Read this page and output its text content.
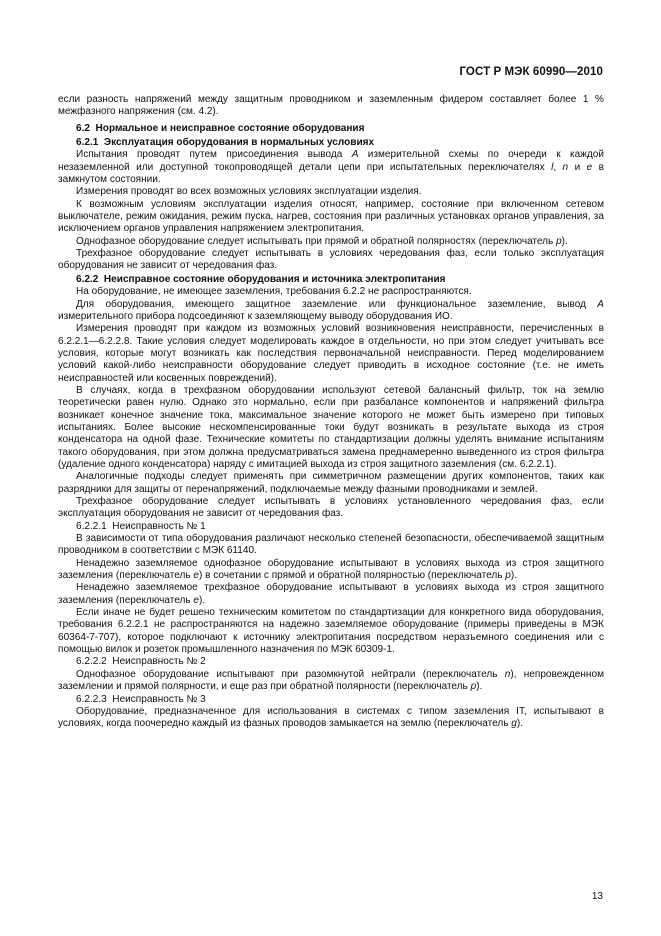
ГОСТ Р МЭК 60990—2010
если разность напряжений между защитным проводником и заземленным фидером составляет более 1 % межфазного напряжения (см. 4.2).
6.2  Нормальное и неисправное состояние оборудования
6.2.1  Эксплуатация оборудования в нормальных условиях
Испытания проводят путем присоединения вывода А измерительной схемы по очереди к каждой незаземленной или доступной токопроводящей детали цепи при испытательных переключателях l, n и е в замкнутом состоянии.
Измерения проводят во всех возможных условиях эксплуатации изделия.
К возможным условиям эксплуатации изделия относят, например, состояние при включенном сетевом выключателе, режим ожидания, режим пуска, нагрев, состояния при различных установках органов управления, за исключением органов управления напряжением электропитания.
Однофазное оборудование следует испытывать при прямой и обратной полярностях (переключатель р).
Трехфазное оборудование следует испытывать в условиях чередования фаз, если только эксплуатация оборудования не зависит от чередования фаз.
6.2.2  Неисправное состояние оборудования и источника электропитания
На оборудование, не имеющее заземления, требования 6.2.2 не распространяются.
Для оборудования, имеющего защитное заземление или функциональное заземление, вывод А измерительного прибора подсоединяют к заземляющему выводу оборудования ИО.
Измерения проводят при каждом из возможных условий возникновения неисправности, перечисленных в 6.2.2.1—6.2.2.8. Такие условия следует моделировать каждое в отдельности, но при этом следует учитывать все условия, которые могут возникать как последствия первоначальной неисправности. Перед моделированием условий какой-либо неисправности оборудование следует приводить в исходное состояние (т.е. не иметь неисправностей или косвенных повреждений).
В случаях, когда в трехфазном оборудовании используют сетевой балансный фильтр, ток на землю теоретически равен нулю. Однако это нормально, если при разбалансе компонентов и напряжений фильтра возникает конечное значение тока, максимальное значение которого не может быть измерено при типовых испытаниях. Более высокие нескомпенсированные токи будут возникать в результате выхода из строя конденсатора на одной фазе. Технические комитеты по стандартизации должны уделять внимание испытаниям такого оборудования, при этом должна предусматриваться замена преднамеренно выведенного из строя фильтра (удаление одного конденсатора) наряду с имитацией выхода из строя защитного заземления (см. 6.2.2.1).
Аналогичные подходы следует применять при симметричном размещении других компонентов, таких как разрядники для защиты от перенапряжений, подключаемые между фазными проводниками и землей.
Трехфазное оборудование следует испытывать в условиях установленного чередования фаз, если эксплуатация оборудования не зависит от чередования фаз.
6.2.2.1  Неисправность № 1
В зависимости от типа оборудования различают несколько степеней безопасности, обеспечиваемой защитным проводником в соответствии с МЭК 61140.
Ненадежно заземляемое однофазное оборудование испытывают в условиях выхода из строя защитного заземления (переключатель е) в сочетании с прямой и обратной полярностью (переключатель р).
Ненадежно заземляемое трехфазное оборудование испытывают в условиях выхода из строя защитного заземления (переключатель е).
Если иначе не будет решено техническим комитетом по стандартизации для конкретного вида оборудования, требования 6.2.2.1 не распространяются на надежно заземляемое оборудование (примеры приведены в МЭК 60364-7-707), которое подключают к источнику электропитания посредством неразъемного соединения или с помощью вилок и розеток промышленного назначения по МЭК 60309-1.
6.2.2.2  Неисправность № 2
Однофазное оборудование испытывают при разомкнутой нейтрали (переключатель n), непровежденном заземлении и прямой полярности, и еще раз при обратной полярности (переключатель р).
6.2.2.3  Неисправность № 3
Оборудование, предназначенное для использования в системах с типом заземления IT, испытывают в условиях, когда поочередно каждый из фазных проводов замыкается на землю (переключатель g).
13
